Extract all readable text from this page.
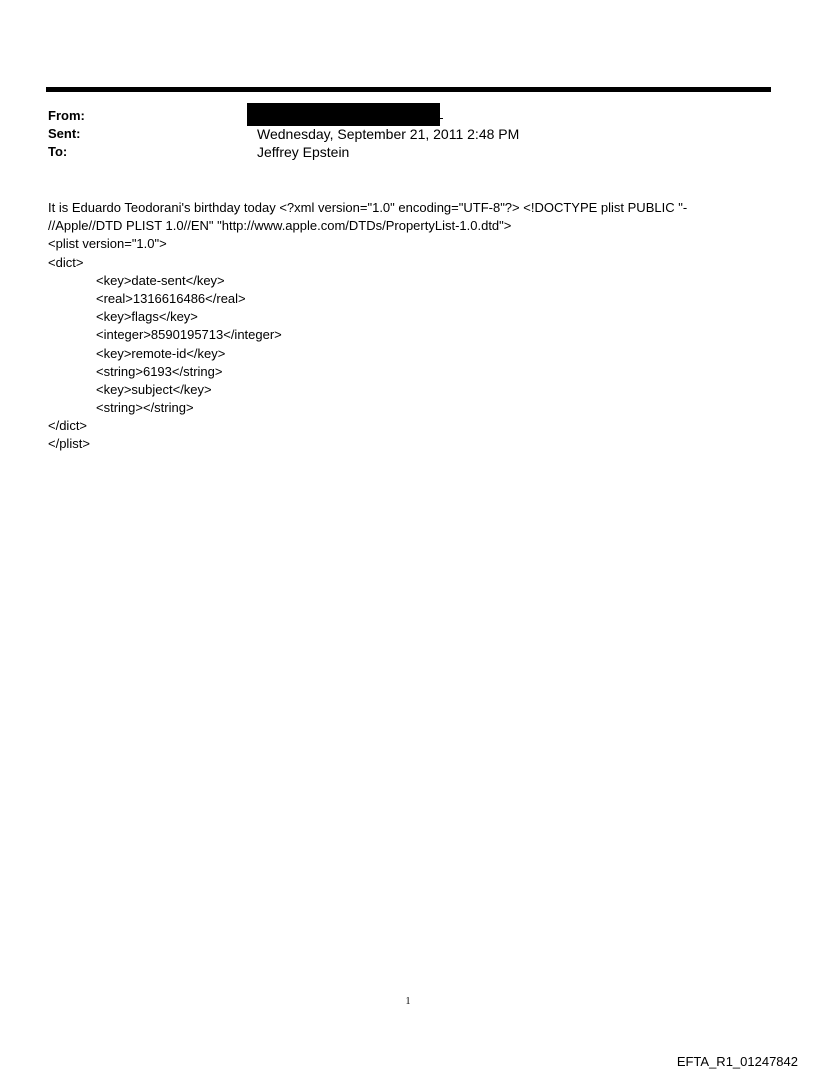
From:
Sent:	Wednesday, September 21, 2011 2:48 PM
To:	Jeffrey Epstein
It is Eduardo Teodorani's birthday today <?xml version="1.0" encoding="UTF-8"?> <!DOCTYPE plist PUBLIC "-
//Apple//DTD PLIST 1.0//EN" "http://www.apple.com/DTDs/PropertyList-1.0.dtd">
<plist version="1.0">
<dict>
<key>date-sent</key>
<real>1316616486</real>
<key>flags</key>
<integer>8590195713</integer>
<key>remote-id</key>
<string>6193</string>
<key>subject</key>
<string></string>
</dict>
</plist>
1
EFTA_R1_01247842
